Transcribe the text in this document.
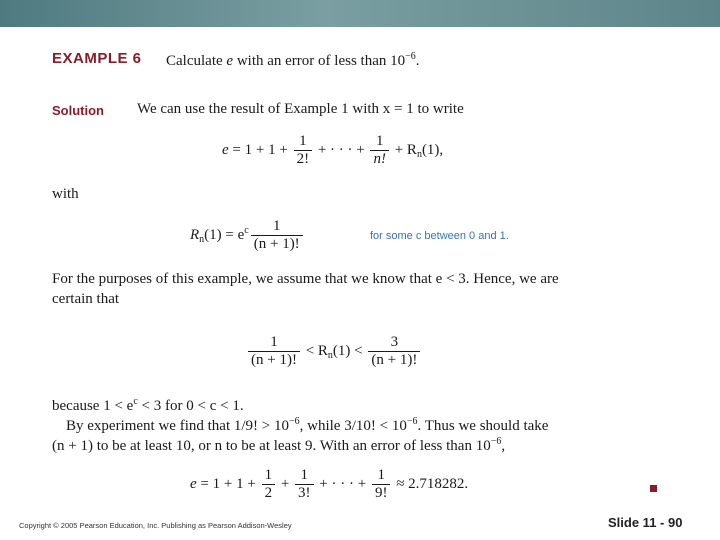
EXAMPLE 6 Calculate e with an error of less than $10^{-6}$.
Solution We can use the result of Example 1 with x = 1 to write
$e = 1 + 1 + \frac{1}{2!}$ + · · · + $\frac{1}{n!} + R_n(1)$,
with
$R_n(1) = e^c \frac{1}{(n + 1)!}$	for some c between 0 and 1.
For the purposes of this example, we assume that we know that e < 3. Hence, we are
certain that
$\frac{1}{(n + 1)!} < R_n(1) < \frac{3}{(n + 1)!}$
because $1 < e^c < 3$ for 0 < c < 1.
By experiment we find that 1/9! > $10^{-6}$, while 3/10! < $10^{-6}$. Thus we should take
(n + 1) to be at least 10, or n to be at least 9. With an error of less than $10^{-6}$,
$e = 1 + 1 + \frac{1}{2} + \frac{1}{3!}$ + · · · + $\frac{1}{9!} \approx 2.718282$.
Copyright © 2005 Pearson Education, Inc. Publishing as Pearson Addison-Wesley	Slide 11 - 90
